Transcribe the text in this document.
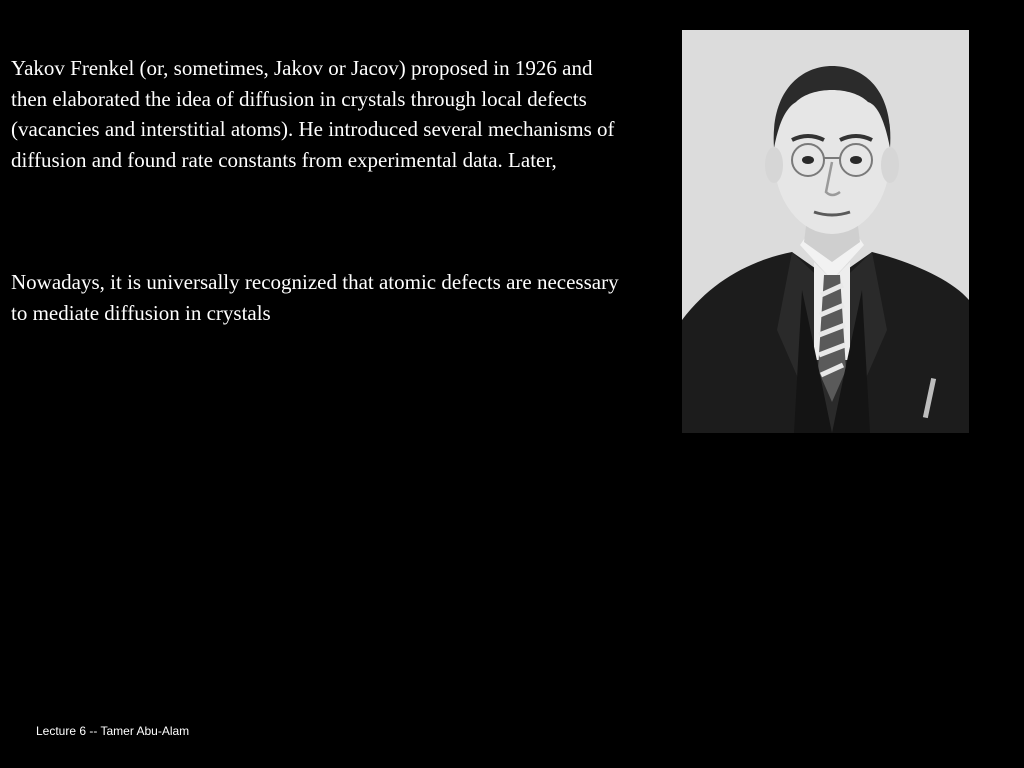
Yakov Frenkel (or, sometimes, Jakov or Jacov) proposed in 1926 and then elaborated the idea of diffusion in crystals through local defects (vacancies and interstitial atoms). He introduced several mechanisms of diffusion and found rate constants from experimental data. Later,

Nowadays, it is universally recognized that atomic defects are necessary to mediate diffusion in crystals

Lecture 6 -- Tamer Abu-Alam
